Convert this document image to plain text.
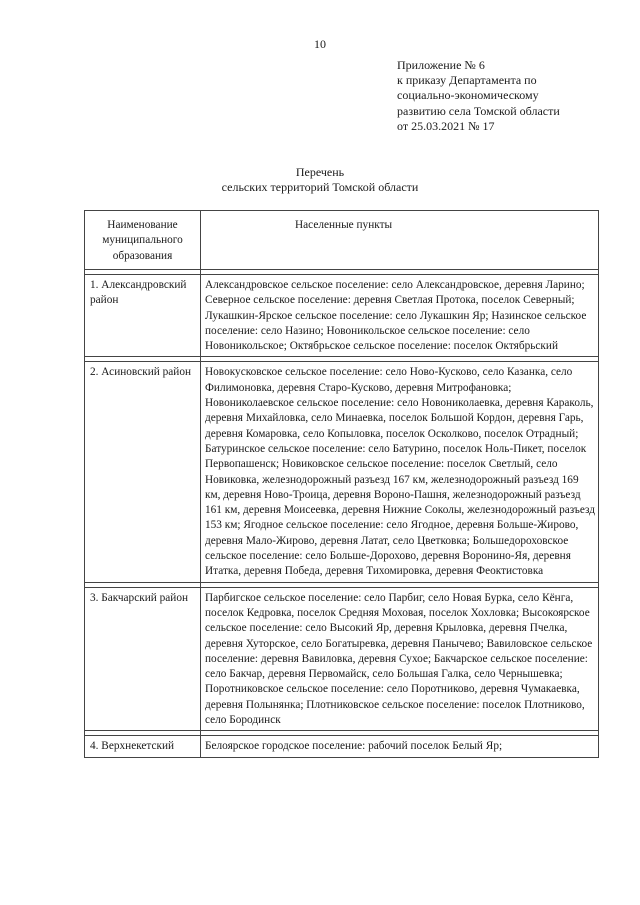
10
Приложение № 6
к приказу Департамента по
социально-экономическому
развитию села Томской области
от 25.03.2021 № 17
Перечень
сельских территорий Томской области
Наименование муниципального образования	Населенные пункты

1. Александровский район	Александровское сельское поселение: село Александровское, деревня Ларино; Северное сельское поселение: деревня Светлая Протока, поселок Северный; Лукашкин-Ярское сельское поселение: село Лукашкин Яр; Назинское сельское поселение: село Назино; Новоникольское сельское поселение: село Новоникольское; Октябрьское сельское поселение: поселок Октябрьский

2. Асиновский район	Новокусковское сельское поселение: село Ново-Кусково, село Казанка, село Филимоновка, деревня Старо-Кусково, деревня Митрофановка; Новониколаевское сельское поселение: село Новониколаевка, деревня Караколь, деревня Михайловка, село Минаевка, поселок Большой Кордон, деревня Гарь, деревня Комаровка, село Копыловка, поселок Осколково, поселок Отрадный; Батуринское сельское поселение: село Батурино, поселок Ноль-Пикет, поселок Первопашенск; Новиковское сельское поселение: поселок Светлый, село Новиковка, железнодорожный разъезд 167 км, железнодорожный разъезд 169 км, деревня Ново-Троица, деревня Вороно-Пашня, железнодорожный разъезд 161 км, деревня Моисеевка, деревня Нижние Соколы, железнодорожный разъезд 153 км; Ягодное сельское поселение: село Ягодное, деревня Больше-Жирово, деревня Мало-Жирово, деревня Латат, село Цветковка; Большедороховское сельское поселение: село Больше-Дорохово, деревня Воронино-Яя, деревня Итатка, деревня Победа, деревня Тихомировка, деревня Феоктистовка

3. Бакчарский район	Парбигское сельское поселение: село Парбиг, село Новая Бурка, село Кёнга, поселок Кедровка, поселок Средняя Моховая, поселок Хохловка; Высокоярское сельское поселение: село Высокий Яр, деревня Крыловка, деревня Пчелка, деревня Хуторское, село Богатыревка, деревня Панычево; Вавиловское сельское поселение: деревня Вавиловка, деревня Сухое; Бакчарское сельское поселение: село Бакчар, деревня Первомайск, село Большая Галка, село Чернышевка; Поротниковское сельское поселение: село Поротниково, деревня Чумакаевка, деревня Полынянка; Плотниковское сельское поселение: поселок Плотниково, село Бородинск

4. Верхнекетский	Белоярское городское поселение: рабочий поселок Белый Яр;
